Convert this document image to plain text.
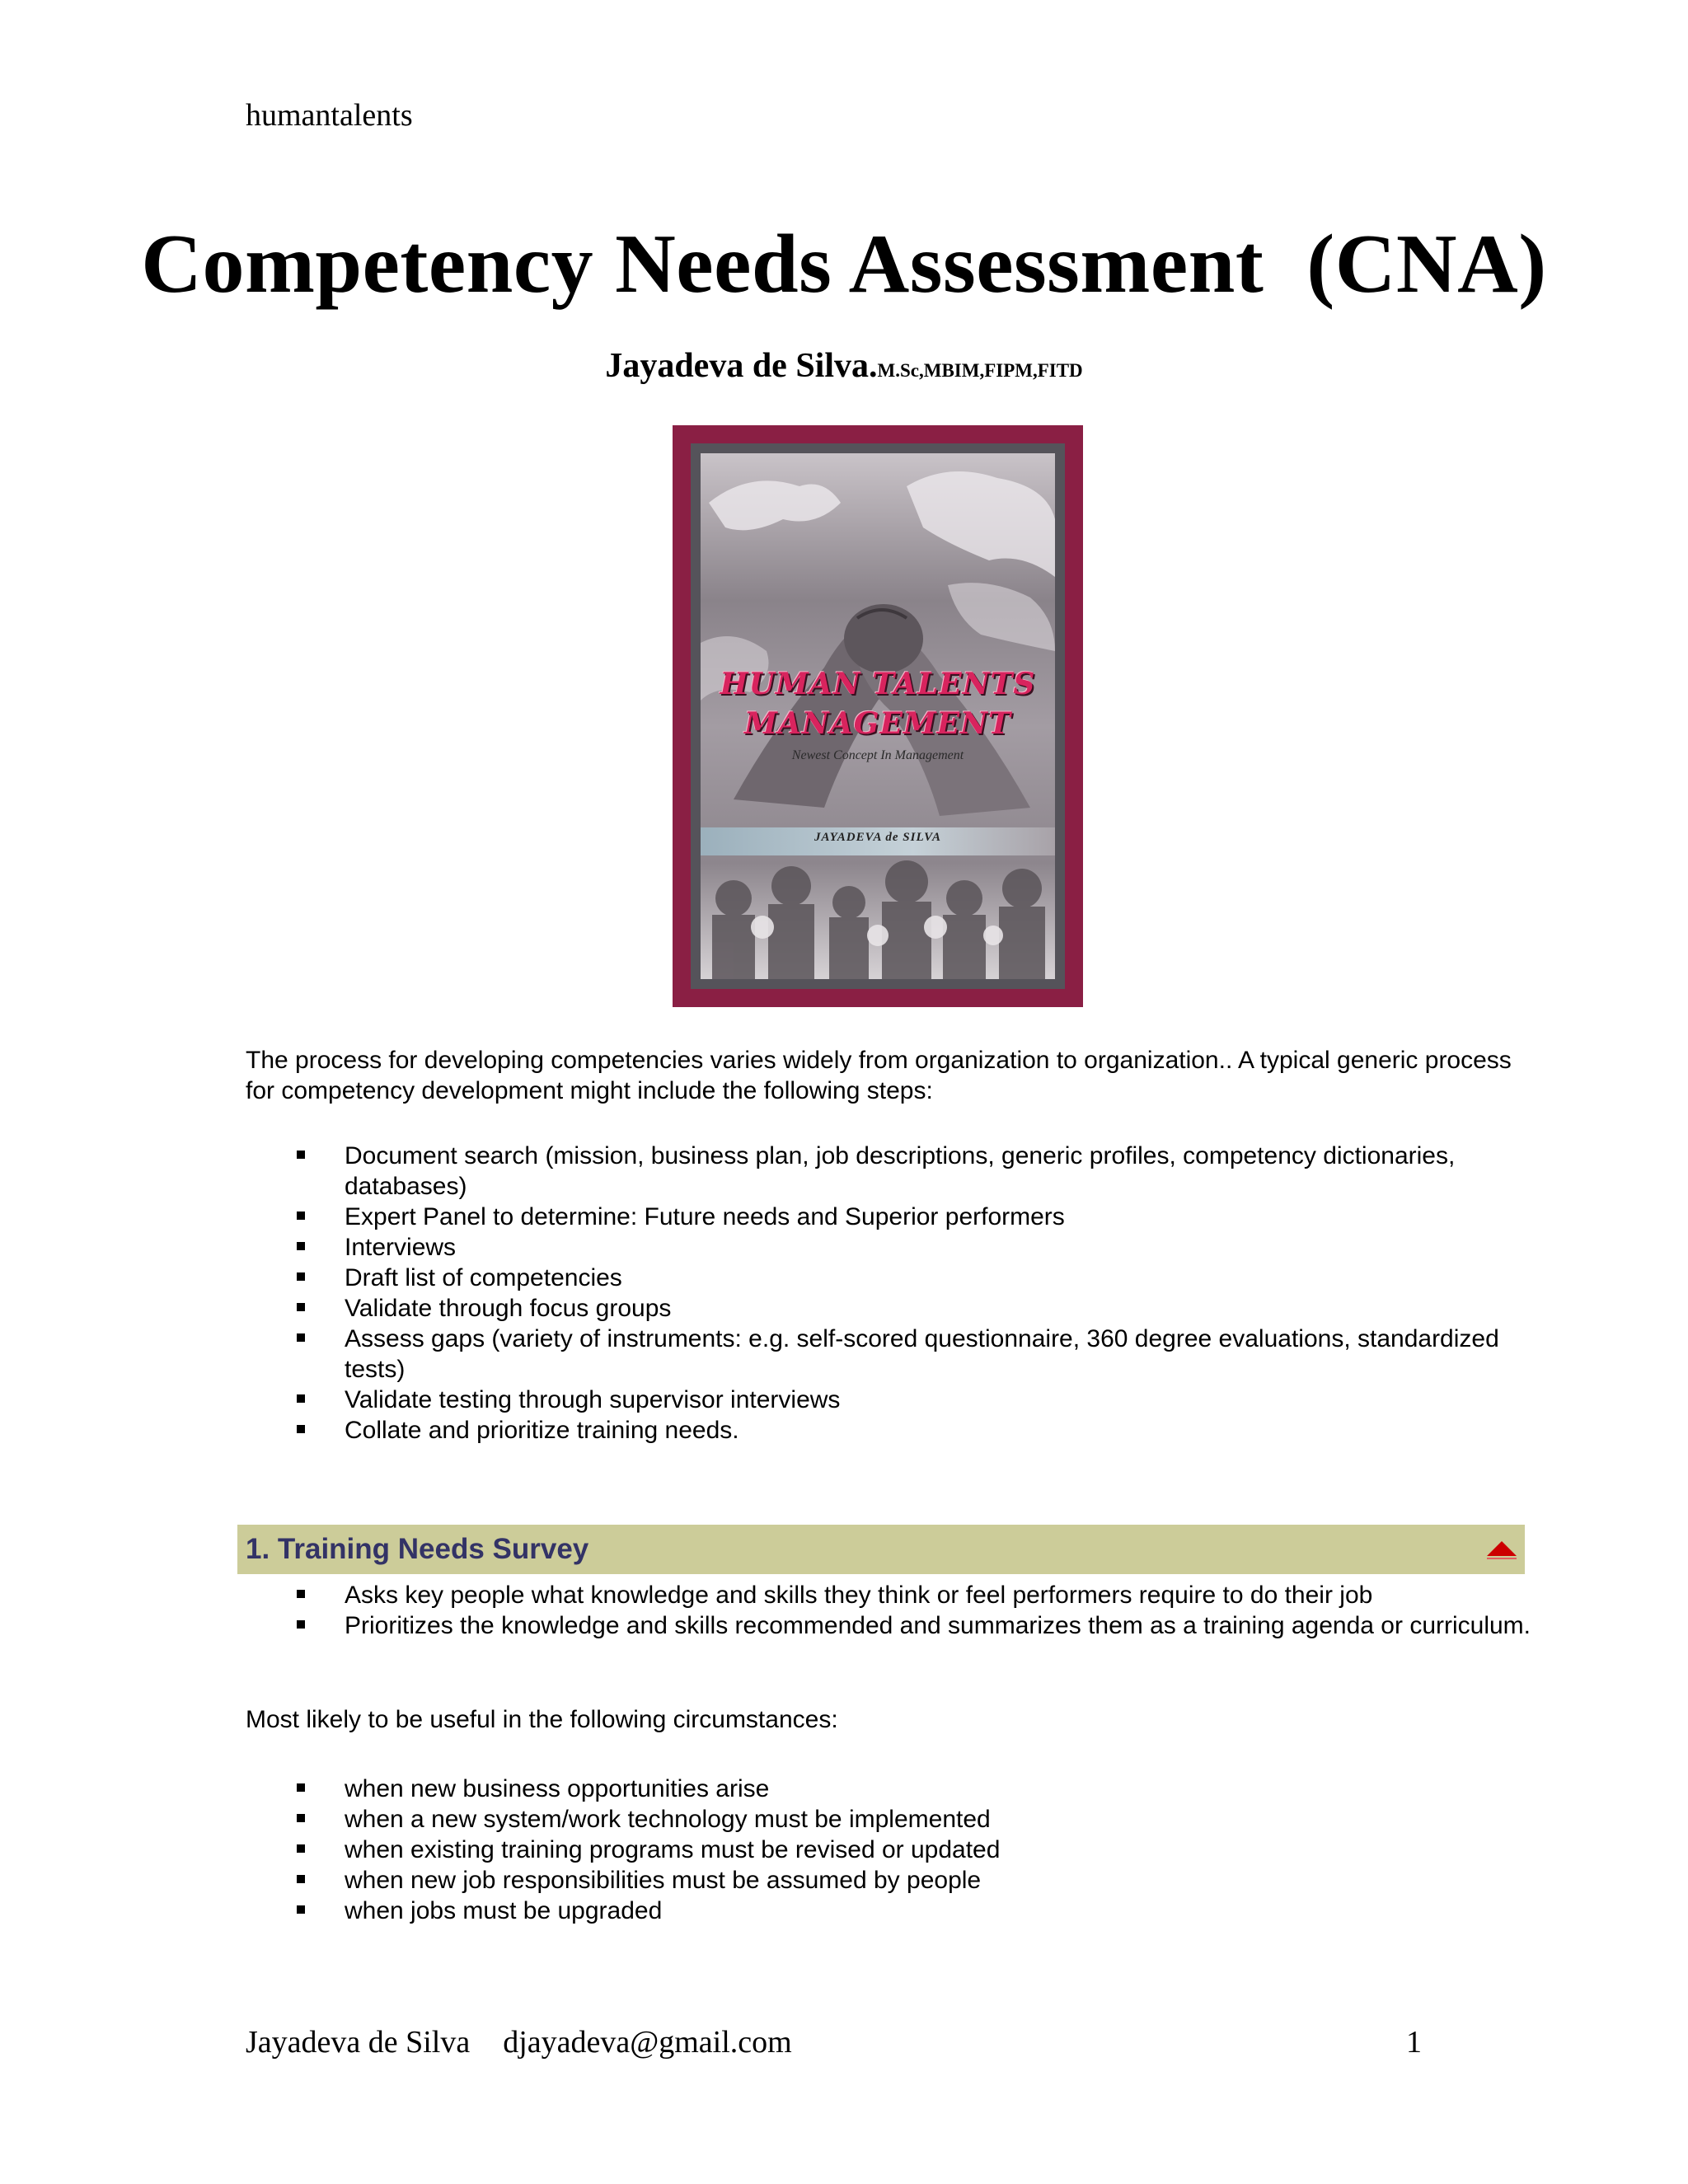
humantalents
Competency Needs Assessment  (CNA)
Jayadeva de Silva.M.Sc,MBIM,FIPM,FITD
HUMAN TALENTS
MANAGEMENT
Newest Concept In Management
JAYADEVA de SILVA
The process for developing competencies varies widely from organization to organization.. A typical generic process for competency development might include the following steps:
Document search (mission, business plan, job descriptions, generic profiles, competency dictionaries, databases)
Expert Panel to determine: Future needs and Superior performers
Interviews
Draft list of competencies
Validate through focus groups
Assess gaps (variety of instruments: e.g. self-scored questionnaire, 360 degree evaluations, standardized tests)
Validate testing through supervisor interviews
Collate and prioritize training needs.
1. Training Needs Survey
Asks key people what knowledge and skills they think or feel performers require to do their job
Prioritizes the knowledge and skills recommended and summarizes them as a training agenda or curriculum.
Most likely to be useful in the following circumstances:
when new business opportunities arise
when a new system/work technology must be implemented
when existing training programs must be revised or updated
when new job responsibilities must be assumed by people
when jobs must be upgraded
Jayadeva de Silva djayadeva@gmail.com	1
